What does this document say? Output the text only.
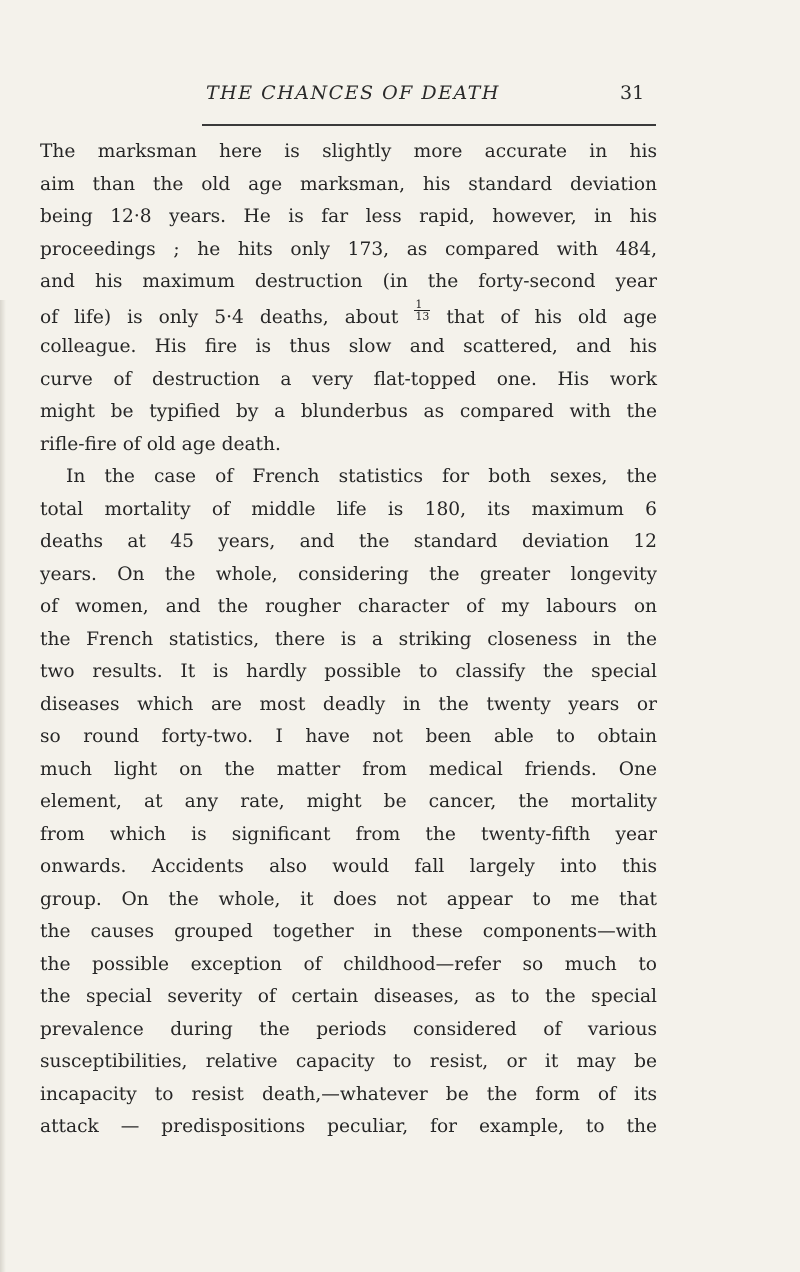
THE CHANCES OF DEATH	31
The marksman here is slightly more accurate in his
aim than the old age marksman, his standard deviation
being 12·8 years. He is far less rapid, however, in his
proceedings ; he hits only 173, as compared with 484,
and his maximum destruction (in the forty-second year
of life) is only 5·4 deaths, about $\frac{1}{13}$ that of his old age
colleague. His fire is thus slow and scattered, and his
curve of destruction a very flat-topped one. His work
might be typified by a blunderbus as compared with the
rifle-fire of old age death.
In the case of French statistics for both sexes, the
total mortality of middle life is 180, its maximum 6
deaths at 45 years, and the standard deviation 12
years. On the whole, considering the greater longevity
of women, and the rougher character of my labours on
the French statistics, there is a striking closeness in the
two results. It is hardly possible to classify the special
diseases which are most deadly in the twenty years or
so round forty-two. I have not been able to obtain
much light on the matter from medical friends. One
element, at any rate, might be cancer, the mortality
from which is significant from the twenty-fifth year
onwards. Accidents also would fall largely into this
group. On the whole, it does not appear to me that
the causes grouped together in these components—with
the possible exception of childhood—refer so much to
the special severity of certain diseases, as to the special
prevalence during the periods considered of various
susceptibilities, relative capacity to resist, or it may be
incapacity to resist death,—whatever be the form of its
attack — predispositions peculiar, for example, to the
